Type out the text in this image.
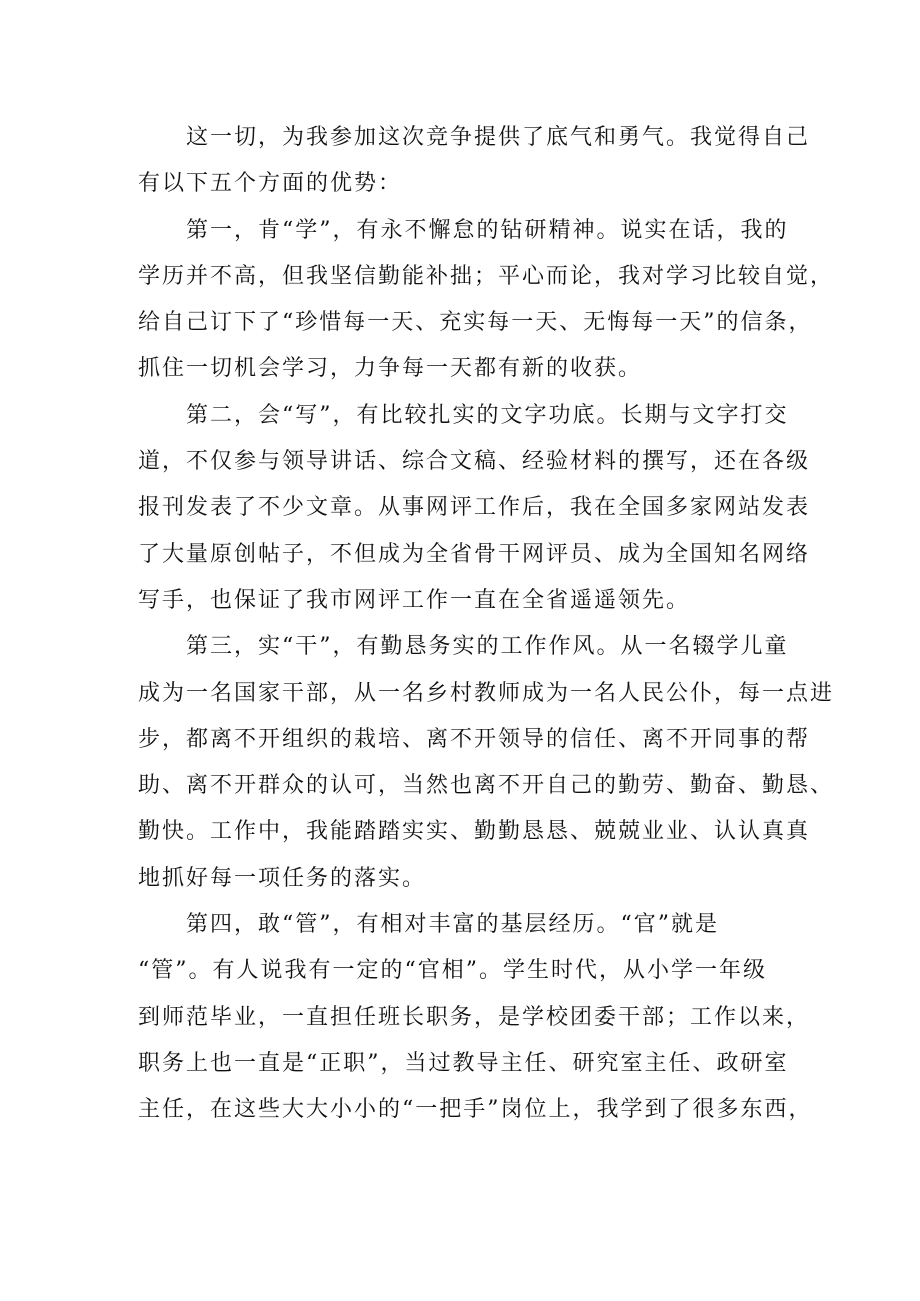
这一切，为我参加这次竞争提供了底气和勇气。我觉得自己
有以下五个方面的优势：
第一，肯“学”，有永不懈怠的钻研精神。说实在话，我的
学历并不高，但我坚信勤能补拙；平心而论，我对学习比较自觉，
给自己订下了“珍惜每一天、充实每一天、无悔每一天”的信条，
抓住一切机会学习，力争每一天都有新的收获。
第二，会“写”，有比较扎实的文字功底。长期与文字打交
道，不仅参与领导讲话、综合文稿、经验材料的撰写，还在各级
报刊发表了不少文章。从事网评工作后，我在全国多家网站发表
了大量原创帖子，不但成为全省骨干网评员、成为全国知名网络
写手，也保证了我市网评工作一直在全省遥遥领先。
第三，实“干”，有勤恳务实的工作作风。从一名辍学儿童
成为一名国家干部，从一名乡村教师成为一名人民公仆，每一点进
步，都离不开组织的栽培、离不开领导的信任、离不开同事的帮
助、离不开群众的认可，当然也离不开自己的勤劳、勤奋、勤恳、
勤快。工作中，我能踏踏实实、勤勤恳恳、兢兢业业、认认真真
地抓好每一项任务的落实。
第四，敢“管”，有相对丰富的基层经历。“官”就是
“管”。有人说我有一定的“官相”。学生时代，从小学一年级
到师范毕业，一直担任班长职务，是学校团委干部；工作以来，
职务上也一直是“正职”，当过教导主任、研究室主任、政研室
主任，在这些大大小小的“一把手”岗位上，我学到了很多东西，
